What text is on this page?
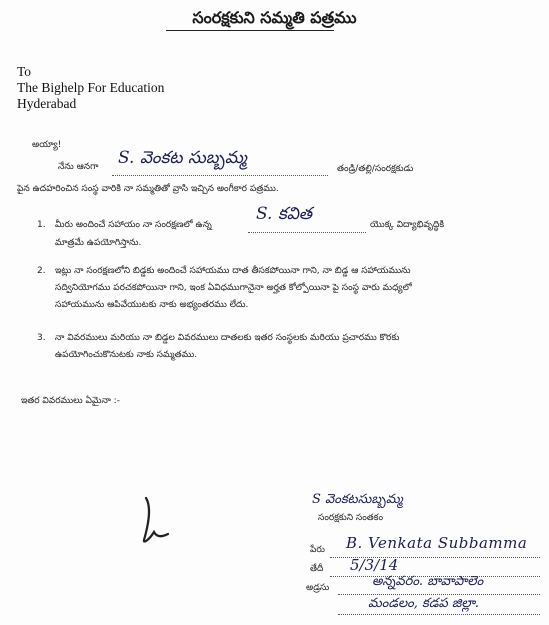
సంరక్షకుని సమ్మతి పత్రము
To
The Bighelp For Education
Hyderabad
అయ్యా!
నేను ఆనగా S. వెంకట సుబ్బమ్మ
తండ్రి/తల్లి/సంరక్షకుడు
పైన ఉదహరించిన సంస్థ వారికి నా సమ్మతితో వ్రాసి ఇచ్చిన అంగీకార పత్రము.
1. మీరు అందించే సహాయం నా సంరక్షణలో ఉన్న
S. కవిత
యొక్క విద్యాభివృద్ధికి
మాత్రమే ఉపయోగిస్తాను.
2. ఇట్లు నా సంరక్షణలోని బిడ్డకు అందించే సహాయము దాత తీసకపోయినా గాని, నా బిడ్డ ఆ సహాయమును
సద్వినియోగము పరచకపోయినా గాని, ఇంక ఏవిధముగానైనా అర్హత కోల్పోయినా పై సంస్థ వారు మధ్యలో
సహాయమును ఆపివేయుటకు నాకు అభ్యంతరము లేదు.
3. నా వివరములు మరియు నా బిడ్డల వివరములు దాతలకు ఇతర సంస్థలకు మరియు ప్రచారము కొరకు
ఉపయోగించుకొనుటకు నాకు సమ్మతము.
ఇతర వివరములు ఏమైనా :-
S వెంకటసుబ్బమ్మ
సంరక్షకుని సంతకం
పేరు B. Venkata Subbamma
తేదీ 5/3/14
అడ్రసు	అన్నవరం. బావాపాలెం
మండలం, కడప జిల్లా.
